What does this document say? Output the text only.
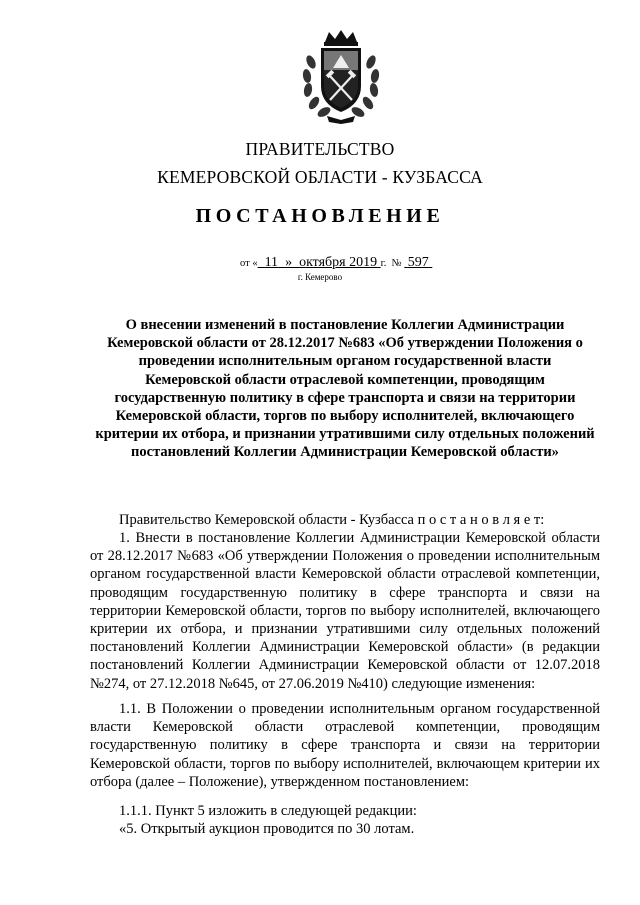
ПРАВИТЕЛЬСТВО
КЕМЕРОВСКОЙ ОБЛАСТИ - КУЗБАССА
ПОСТАНОВЛЕНИЕ
от « 11 » октября 2019 г. № 597
г. Кемерово
О внесении изменений в постановление Коллегии Администрации Кемеровской области от 28.12.2017 №683 «Об утверждении Положения о проведении исполнительным органом государственной власти Кемеровской области отраслевой компетенции, проводящим государственную политику в сфере транспорта и связи на территории Кемеровской области, торгов по выбору исполнителей, включающего критерии их отбора, и признании утратившими силу отдельных положений постановлений Коллегии Администрации Кемеровской области»
Правительство Кемеровской области - Кузбасса п о с т а н о в л я е т:
1. Внести в постановление Коллегии Администрации Кемеровской области от 28.12.2017 №683 «Об утверждении Положения о проведении исполнительным органом государственной власти Кемеровской области отраслевой компетенции, проводящим государственную политику в сфере транспорта и связи на территории Кемеровской области, торгов по выбору исполнителей, включающего критерии их отбора, и признании утратившими силу отдельных положений постановлений Коллегии Администрации Кемеровской области» (в редакции постановлений Коллегии Администрации Кемеровской области от 12.07.2018 №274, от 27.12.2018 №645, от 27.06.2019 №410) следующие изменения:
1.1. В Положении о проведении исполнительным органом государственной власти Кемеровской области отраслевой компетенции, проводящим государственную политику в сфере транспорта и связи на территории Кемеровской области, торгов по выбору исполнителей, включающем критерии их отбора (далее – Положение), утвержденном постановлением:
1.1.1. Пункт 5 изложить в следующей редакции:
«5. Открытый аукцион проводится по 30 лотам.
